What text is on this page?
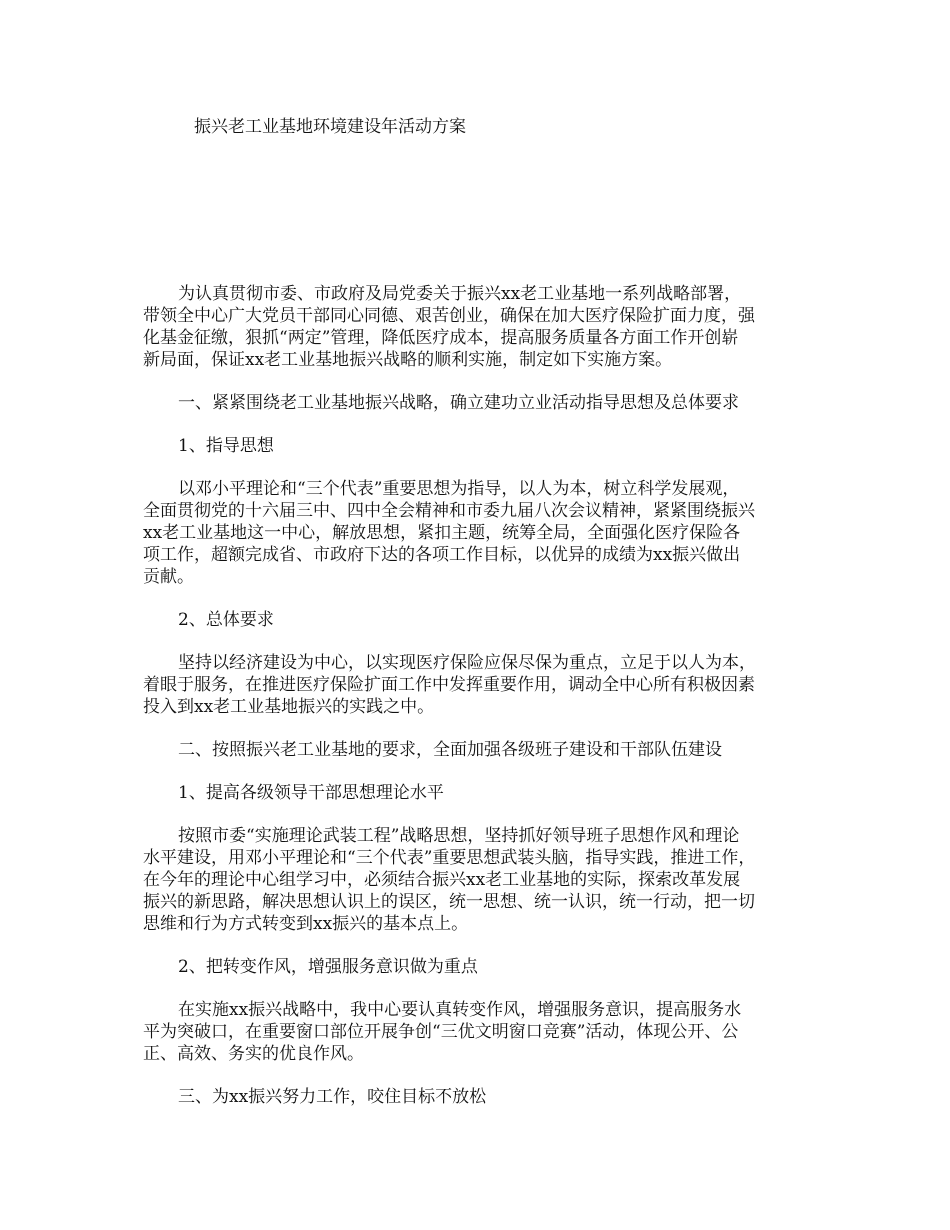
振兴老工业基地环境建设年活动方案
为认真贯彻市委、市政府及局党委关于振兴xx老工业基地一系列战略部署，
带领全中心广大党员干部同心同德、艰苦创业，确保在加大医疗保险扩面力度，强
化基金征缴，狠抓“两定”管理，降低医疗成本，提高服务质量各方面工作开创崭
新局面，保证xx老工业基地振兴战略的顺利实施，制定如下实施方案。
一、紧紧围绕老工业基地振兴战略，确立建功立业活动指导思想及总体要求
1、指导思想
以邓小平理论和“三个代表”重要思想为指导，以人为本，树立科学发展观，
全面贯彻党的十六届三中、四中全会精神和市委九届八次会议精神，紧紧围绕振兴
xx老工业基地这一中心，解放思想，紧扣主题，统筹全局，全面强化医疗保险各
项工作，超额完成省、市政府下达的各项工作目标，以优异的成绩为xx振兴做出
贡献。
2、总体要求
坚持以经济建设为中心，以实现医疗保险应保尽保为重点，立足于以人为本，
着眼于服务，在推进医疗保险扩面工作中发挥重要作用，调动全中心所有积极因素
投入到xx老工业基地振兴的实践之中。
二、按照振兴老工业基地的要求，全面加强各级班子建设和干部队伍建设
1、提高各级领导干部思想理论水平
按照市委“实施理论武装工程”战略思想，坚持抓好领导班子思想作风和理论
水平建设，用邓小平理论和“三个代表”重要思想武装头脑，指导实践，推进工作，
在今年的理论中心组学习中，必须结合振兴xx老工业基地的实际，探索改革发展
振兴的新思路，解决思想认识上的误区，统一思想、统一认识，统一行动，把一切
思维和行为方式转变到xx振兴的基本点上。
2、把转变作风，增强服务意识做为重点
在实施xx振兴战略中，我中心要认真转变作风，增强服务意识，提高服务水
平为突破口，在重要窗口部位开展争创“三优文明窗口竞赛”活动，体现公开、公
正、高效、务实的优良作风。
三、为xx振兴努力工作，咬住目标不放松
